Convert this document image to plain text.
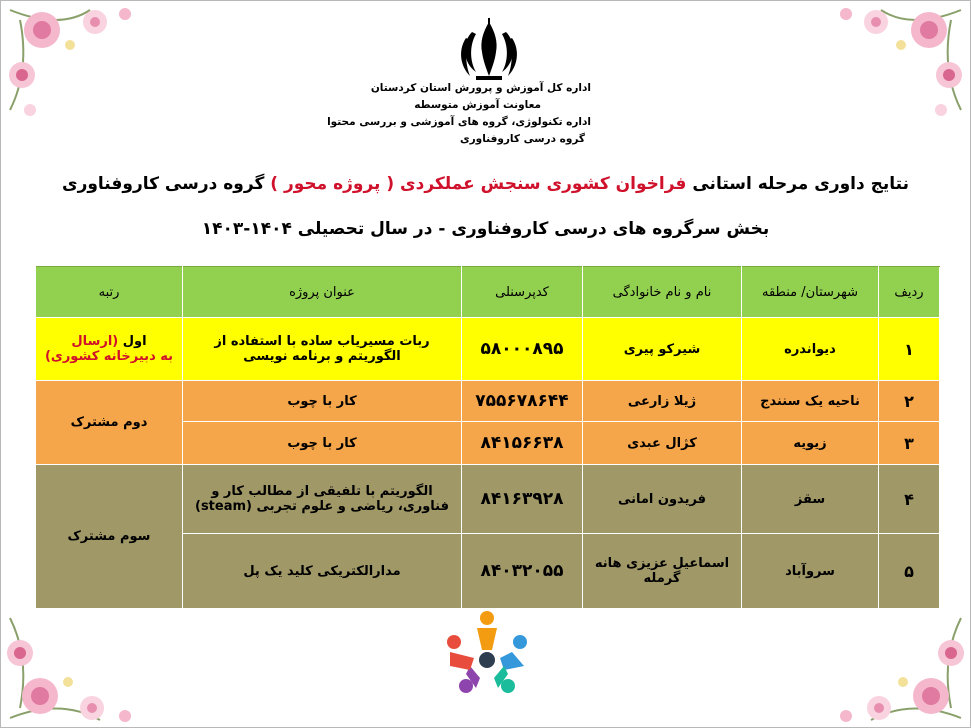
اداره کل آموزش و پرورش استان کردستان
معاونت آموزش متوسطه
اداره تکنولوژی، گروه های آموزشی و بررسی محتوا
گروه درسی کاروفناوری
نتایج داوری مرحله استانی فراخوان کشوری سنجش عملکردی ( پروژه محور ) گروه درسی کاروفناوری
بخش سرگروه های درسی کاروفناوری - در سال تحصیلی ۱۴۰۴-۱۴۰۳
ردیف	شهرستان/ منطقه	نام و نام خانوادگی	کدپرسنلی	عنوان پروژه	رتبه
۱	دیواندره	شیرکو پیری	۵۸۰۰۰۸۹۵	ربات مسیریاب ساده با استفاده از الگوریتم و برنامه نویسی	اول (ارسال
به دبیرخانه کشوری)
۲	ناحیه یک سنندج	ژیلا زارعی	۷۵۵۶۷۸۶۴۴	کار با چوب	دوم مشترک
۳	زیویه	کژال عبدی	۸۴۱۵۶۶۳۸	کار با چوب	
۴	سقز	فریدون امانی	۸۴۱۶۳۹۲۸	الگوریتم با تلفیقی از مطالب کار و فناوری، ریاضی و علوم تجربی (steam)	سوم مشترک
۵	سروآباد	اسماعیل عزیزی هانه گرمله	۸۴۰۳۲۰۵۵	مدارالکتریکی کلید یک پل	
